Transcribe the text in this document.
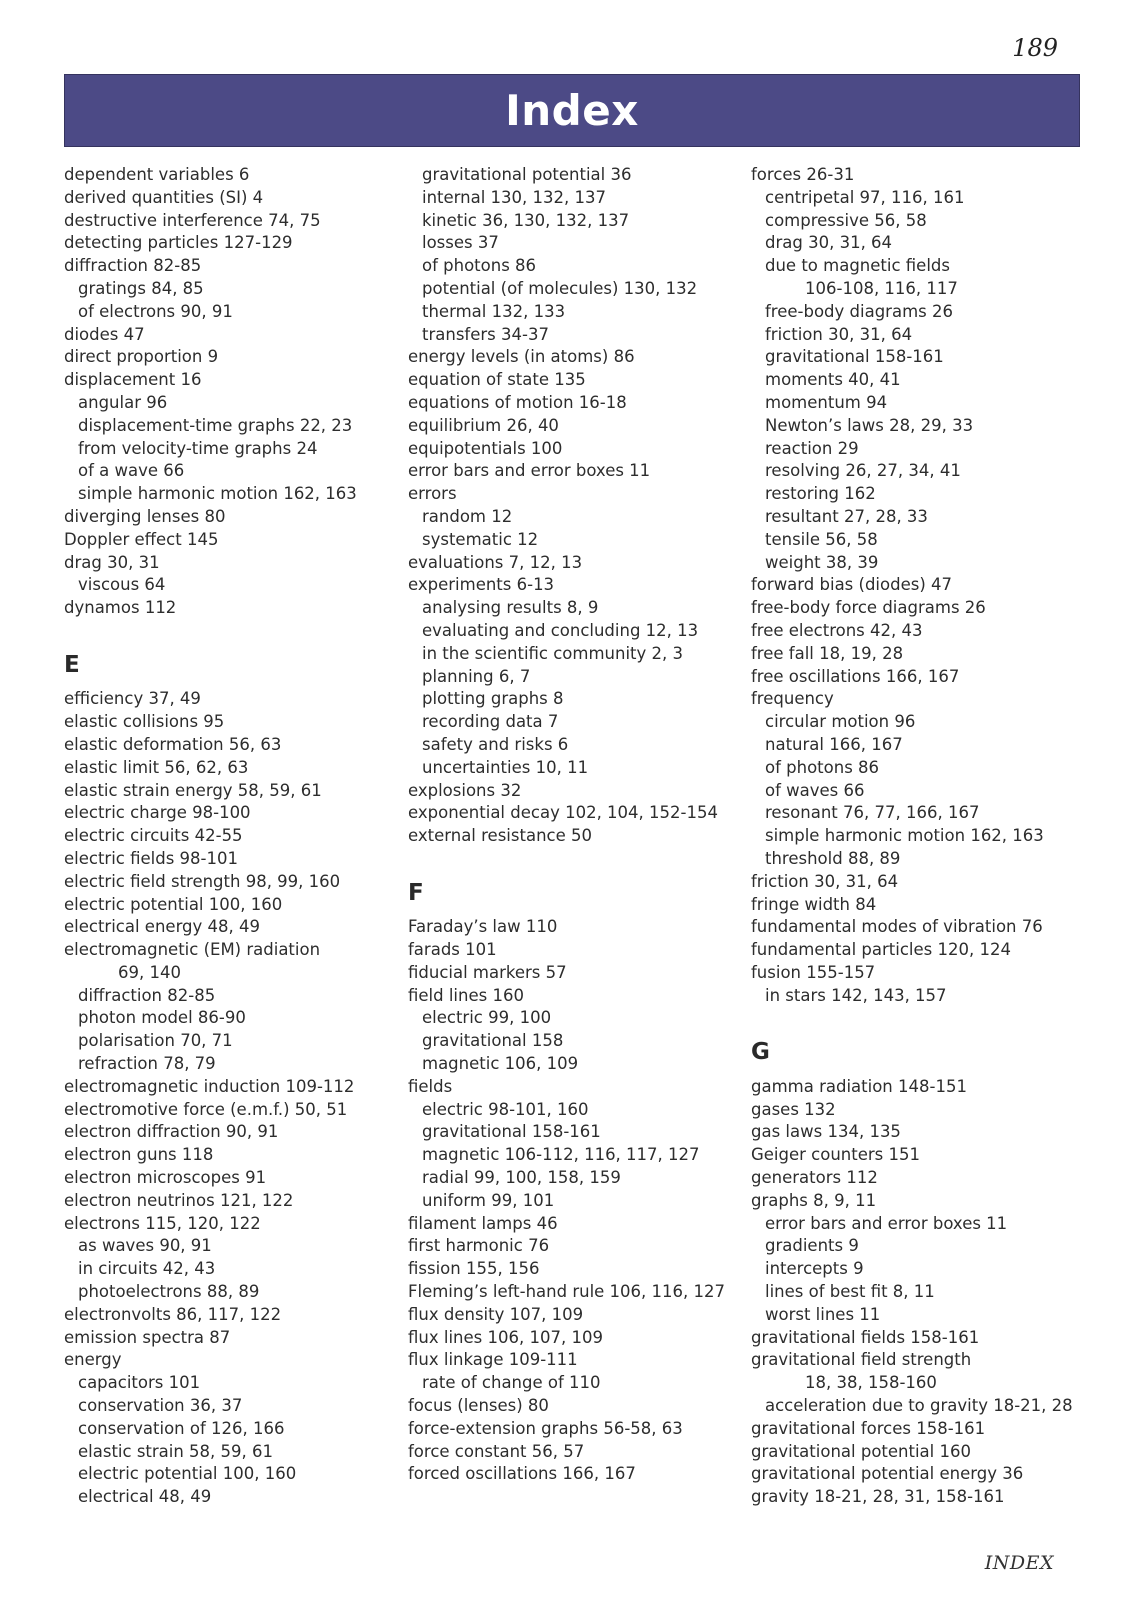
189
Index
dependent variables 6
derived quantities (SI) 4
destructive interference 74, 75
detecting particles 127-129
diffraction 82-85
gratings 84, 85
of electrons 90, 91
diodes 47
direct proportion 9
displacement 16
angular 96
displacement-time graphs 22, 23
from velocity-time graphs 24
of a wave 66
simple harmonic motion 162, 163
diverging lenses 80
Doppler effect 145
drag 30, 31
viscous 64
dynamos 112
E
efficiency 37, 49
elastic collisions 95
elastic deformation 56, 63
elastic limit 56, 62, 63
elastic strain energy 58, 59, 61
electric charge 98-100
electric circuits 42-55
electric fields 98-101
electric field strength 98, 99, 160
electric potential 100, 160
electrical energy 48, 49
electromagnetic (EM) radiation
69, 140
diffraction 82-85
photon model 86-90
polarisation 70, 71
refraction 78, 79
electromagnetic induction 109-112
electromotive force (e.m.f.) 50, 51
electron diffraction 90, 91
electron guns 118
electron microscopes 91
electron neutrinos 121, 122
electrons 115, 120, 122
as waves 90, 91
in circuits 42, 43
photoelectrons 88, 89
electronvolts 86, 117, 122
emission spectra 87
energy
capacitors 101
conservation 36, 37
conservation of 126, 166
elastic strain 58, 59, 61
electric potential 100, 160
electrical 48, 49
gravitational potential 36
internal 130, 132, 137
kinetic 36, 130, 132, 137
losses 37
of photons 86
potential (of molecules) 130, 132
thermal 132, 133
transfers 34-37
energy levels (in atoms) 86
equation of state 135
equations of motion 16-18
equilibrium 26, 40
equipotentials 100
error bars and error boxes 11
errors
random 12
systematic 12
evaluations 7, 12, 13
experiments 6-13
analysing results 8, 9
evaluating and concluding 12, 13
in the scientific community 2, 3
planning 6, 7
plotting graphs 8
recording data 7
safety and risks 6
uncertainties 10, 11
explosions 32
exponential decay 102, 104, 152-154
external resistance 50
F
Faraday’s law 110
farads 101
fiducial markers 57
field lines 160
electric 99, 100
gravitational 158
magnetic 106, 109
fields
electric 98-101, 160
gravitational 158-161
magnetic 106-112, 116, 117, 127
radial 99, 100, 158, 159
uniform 99, 101
filament lamps 46
first harmonic 76
fission 155, 156
Fleming’s left-hand rule 106, 116, 127
flux density 107, 109
flux lines 106, 107, 109
flux linkage 109-111
rate of change of 110
focus (lenses) 80
force-extension graphs 56-58, 63
force constant 56, 57
forced oscillations 166, 167
forces 26-31
centripetal 97, 116, 161
compressive 56, 58
drag 30, 31, 64
due to magnetic fields
106-108, 116, 117
free-body diagrams 26
friction 30, 31, 64
gravitational 158-161
moments 40, 41
momentum 94
Newton’s laws 28, 29, 33
reaction 29
resolving 26, 27, 34, 41
restoring 162
resultant 27, 28, 33
tensile 56, 58
weight 38, 39
forward bias (diodes) 47
free-body force diagrams 26
free electrons 42, 43
free fall 18, 19, 28
free oscillations 166, 167
frequency
circular motion 96
natural 166, 167
of photons 86
of waves 66
resonant 76, 77, 166, 167
simple harmonic motion 162, 163
threshold 88, 89
friction 30, 31, 64
fringe width 84
fundamental modes of vibration 76
fundamental particles 120, 124
fusion 155-157
in stars 142, 143, 157
G
gamma radiation 148-151
gases 132
gas laws 134, 135
Geiger counters 151
generators 112
graphs 8, 9, 11
error bars and error boxes 11
gradients 9
intercepts 9
lines of best fit 8, 11
worst lines 11
gravitational fields 158-161
gravitational field strength
18, 38, 158-160
acceleration due to gravity 18-21, 28
gravitational forces 158-161
gravitational potential 160
gravitational potential energy 36
gravity 18-21, 28, 31, 158-161
INDEX
